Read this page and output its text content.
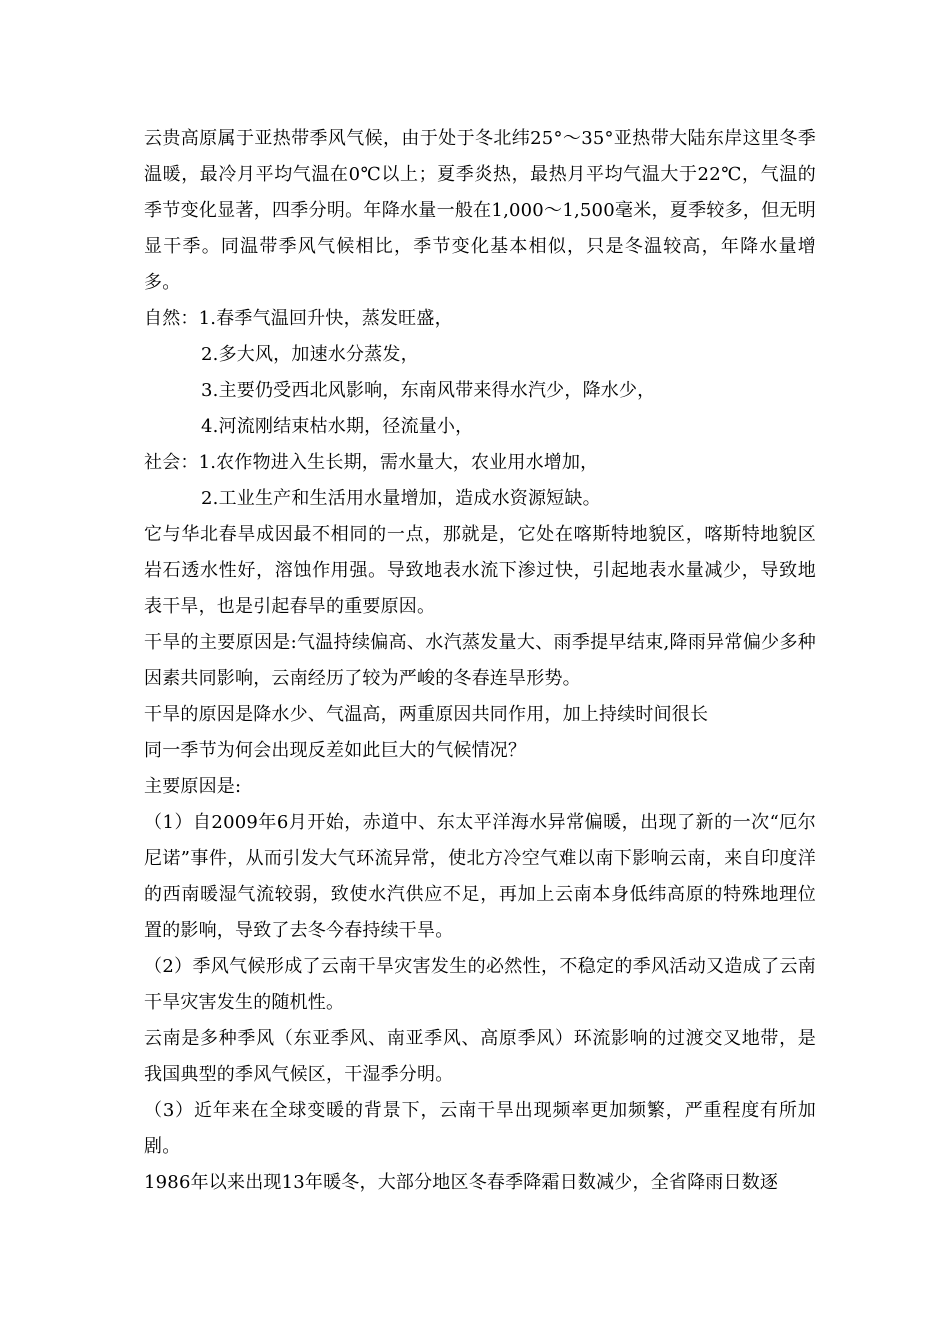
云贵高原属于亚热带季风气候，由于处于冬北纬25°～35°亚热带大陆东岸这里冬季温暖，最冷月平均气温在0℃以上；夏季炎热，最热月平均气温大于22℃，气温的季节变化显著，四季分明。年降水量一般在1,000～1,500毫米，夏季较多，但无明显干季。同温带季风气候相比，季节变化基本相似，只是冬温较高，年降水量增多。

自然：1.春季气温回升快，蒸发旺盛，

2.多大风，加速水分蒸发，

3.主要仍受西北风影响，东南风带来得水汽少，降水少，

4.河流刚结束枯水期，径流量小，

社会：1.农作物进入生长期，需水量大，农业用水增加，

2.工业生产和生活用水量增加，造成水资源短缺。

它与华北春旱成因最不相同的一点，那就是，它处在喀斯特地貌区，喀斯特地貌区岩石透水性好，溶蚀作用强。导致地表水流下渗过快，引起地表水量减少，导致地表干旱，也是引起春旱的重要原因。

干旱的主要原因是:气温持续偏高、水汽蒸发量大、雨季提早结束,降雨异常偏少多种因素共同影响，云南经历了较为严峻的冬春连旱形势。

干旱的原因是降水少、气温高，两重原因共同作用，加上持续时间很长

同一季节为何会出现反差如此巨大的气候情况？

主要原因是:

（1）自2009年6月开始，赤道中、东太平洋海水异常偏暖，出现了新的一次“厄尔尼诺”事件，从而引发大气环流异常，使北方冷空气难以南下影响云南，来自印度洋的西南暖湿气流较弱，致使水汽供应不足，再加上云南本身低纬高原的特殊地理位置的影响，导致了去冬今春持续干旱。

（2）季风气候形成了云南干旱灾害发生的必然性，不稳定的季风活动又造成了云南干旱灾害发生的随机性。

云南是多种季风（东亚季风、南亚季风、高原季风）环流影响的过渡交叉地带，是我国典型的季风气候区，干湿季分明。

（3）近年来在全球变暖的背景下，云南干旱出现频率更加频繁，严重程度有所加剧。

1986年以来出现13年暖冬，大部分地区冬春季降霜日数减少，全省降雨日数逐
